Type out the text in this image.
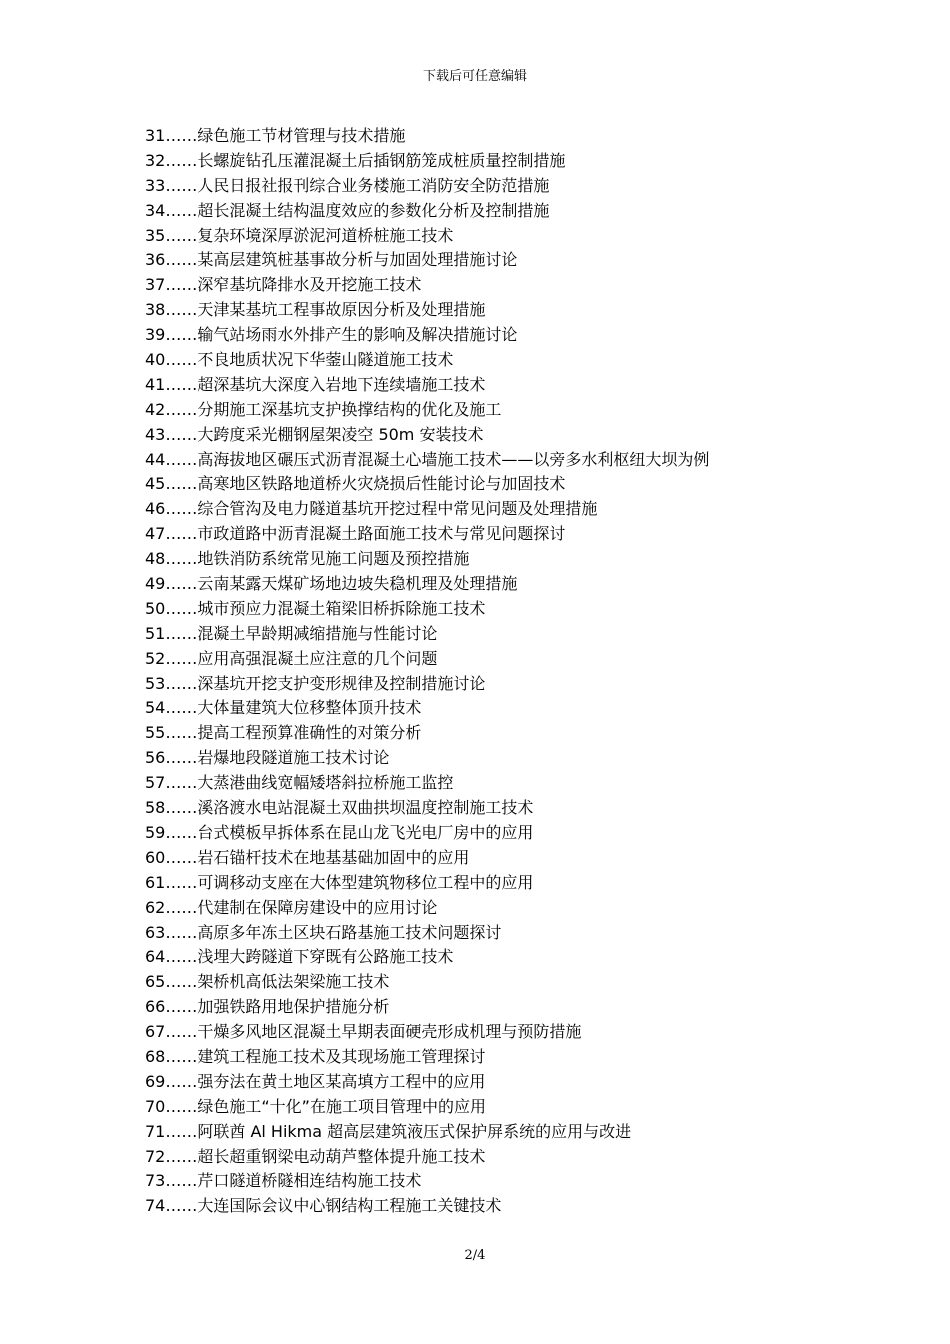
下载后可任意编辑
31……绿色施工节材管理与技术措施
32……长螺旋钻孔压灌混凝土后插钢筋笼成桩质量控制措施
33……人民日报社报刊综合业务楼施工消防安全防范措施
34……超长混凝土结构温度效应的参数化分析及控制措施
35……复杂环境深厚淤泥河道桥桩施工技术
36……某高层建筑桩基事故分析与加固处理措施讨论
37……深窄基坑降排水及开挖施工技术
38……天津某基坑工程事故原因分析及处理措施
39……输气站场雨水外排产生的影响及解决措施讨论
40……不良地质状况下华蓥山隧道施工技术
41……超深基坑大深度入岩地下连续墙施工技术
42……分期施工深基坑支护换撑结构的优化及施工
43……大跨度采光棚钢屋架凌空 50m 安装技术
44……高海拔地区碾压式沥青混凝土心墙施工技术——以旁多水利枢纽大坝为例
45……高寒地区铁路地道桥火灾烧损后性能讨论与加固技术
46……综合管沟及电力隧道基坑开挖过程中常见问题及处理措施
47……市政道路中沥青混凝土路面施工技术与常见问题探讨
48……地铁消防系统常见施工问题及预控措施
49……云南某露天煤矿场地边坡失稳机理及处理措施
50……城市预应力混凝土箱梁旧桥拆除施工技术
51……混凝土早龄期减缩措施与性能讨论
52……应用高强混凝土应注意的几个问题
53……深基坑开挖支护变形规律及控制措施讨论
54……大体量建筑大位移整体顶升技术
55……提高工程预算准确性的对策分析
56……岩爆地段隧道施工技术讨论
57……大蒸港曲线宽幅矮塔斜拉桥施工监控
58……溪洛渡水电站混凝土双曲拱坝温度控制施工技术
59……台式模板早拆体系在昆山龙飞光电厂房中的应用
60……岩石锚杆技术在地基基础加固中的应用
61……可调移动支座在大体型建筑物移位工程中的应用
62……代建制在保障房建设中的应用讨论
63……高原多年冻土区块石路基施工技术问题探讨
64……浅埋大跨隧道下穿既有公路施工技术
65……架桥机高低法架梁施工技术
66……加强铁路用地保护措施分析
67……干燥多风地区混凝土早期表面硬壳形成机理与预防措施
68……建筑工程施工技术及其现场施工管理探讨
69……强夯法在黄土地区某高填方工程中的应用
70……绿色施工“十化”在施工项目管理中的应用
71……阿联酋 Al Hikma 超高层建筑液压式保护屏系统的应用与改进
72……超长超重钢梁电动葫芦整体提升施工技术
73……芹口隧道桥隧相连结构施工技术
74……大连国际会议中心钢结构工程施工关键技术
2/4
